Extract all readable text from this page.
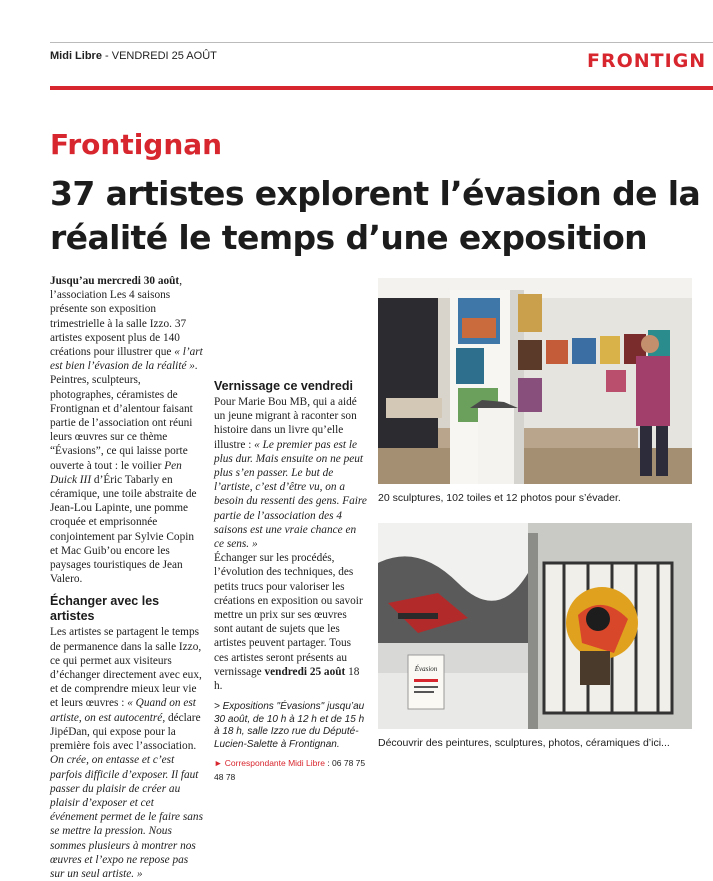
Midi Libre - VENDREDI 25 AOÛT	FRONTIGN
Frontignan
37 artistes explorent l’évasion de la réalité le temps d’une exposition

Jusqu’au mercredi 30 août, l’association Les 4 saisons présente son exposition trimestrielle à la salle Izzo. 37 artistes exposent plus de 140 créations pour illustrer que « l’art est bien l’évasion de la réalité ».

Peintres, sculpteurs, photographes, céramistes de Frontignan et d’alentour faisant partie de l’association ont réuni leurs œuvres sur ce thème “Évasions”, ce qui laisse porte ouverte à tout : le voilier Pen Duick III d’Éric Tabarly en céramique, une toile abstraite de Jean-Lou Lapinte, une pomme croquée et emprisonnée conjointement par Sylvie Copin et Mac Guib’ou encore les paysages touristiques de Jean Valero.

Échanger avec les artistes

Les artistes se partagent le temps de permanence dans la salle Izzo, ce qui permet aux visiteurs d’échanger directement avec eux, et de comprendre mieux leur vie et leurs œuvres : « Quand on est artiste, on est autocentré, déclare JipéDan, qui expose pour la première fois avec l’association. On crée, on entasse et c’est parfois difficile d’exposer. Il faut passer du plaisir de créer au plaisir d’exposer et cet événement permet de le faire sans se mettre la pression. Nous sommes plusieurs à montrer nos œuvres et l’expo ne repose pas sur un seul artiste. »

Vernissage ce vendredi

Pour Marie Bou MB, qui a aidé un jeune migrant à raconter son histoire dans un livre qu’elle illustre : « Le premier pas est le plus dur. Mais ensuite on ne peut plus s’en passer. Le but de l’artiste, c’est d’être vu, on a besoin du ressenti des gens. Faire partie de l’association des 4 saisons est une vraie chance en ce sens. »

Échanger sur les procédés, l’évolution des techniques, des petits trucs pour valoriser les créations en exposition ou savoir mettre un prix sur ses œuvres sont autant de sujets que les artistes peuvent partager. Tous ces artistes seront présents au vernissage vendredi 25 août 18 h.

> Expositions "Évasions" jusqu’au 30 août, de 10 h à 12 h et de 15 h à 18 h, salle Izzo rue du Député-Lucien-Salette à Frontignan.
► Correspondante Midi Libre : 06 78 75 48 78
20 sculptures, 102 toiles et 12 photos pour s’évader.
Évasion
Découvrir des peintures, sculptures, photos, céramiques d’ici...
